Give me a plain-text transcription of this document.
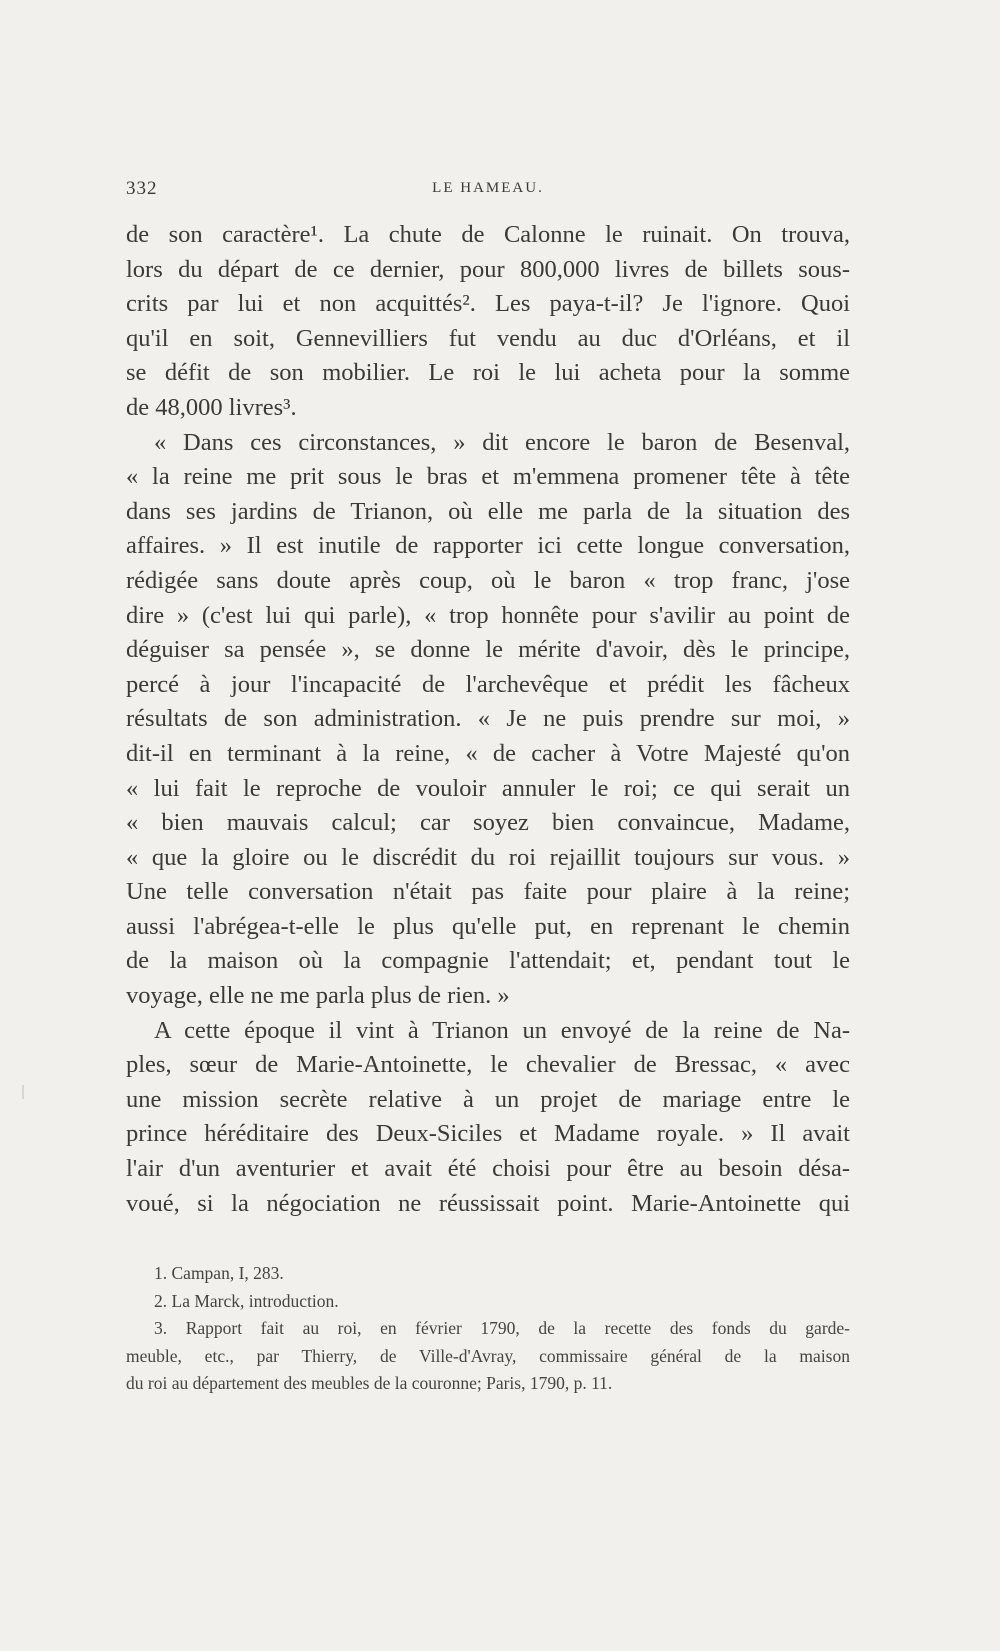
332	LE HAMEAU.
de son caractère¹. La chute de Calonne le ruinait. On trouva,
lors du départ de ce dernier, pour 800,000 livres de billets sous-
crits par lui et non acquittés². Les paya-t-il? Je l'ignore. Quoi
qu'il en soit, Gennevilliers fut vendu au duc d'Orléans, et il
se défit de son mobilier. Le roi le lui acheta pour la somme
de 48,000 livres³.
« Dans ces circonstances, » dit encore le baron de Besenval,
« la reine me prit sous le bras et m'emmena promener tête à tête
dans ses jardins de Trianon, où elle me parla de la situation des
affaires. » Il est inutile de rapporter ici cette longue conversation,
rédigée sans doute après coup, où le baron « trop franc, j'ose
dire » (c'est lui qui parle), « trop honnête pour s'avilir au point de
déguiser sa pensée », se donne le mérite d'avoir, dès le principe,
percé à jour l'incapacité de l'archevêque et prédit les fâcheux
résultats de son administration. « Je ne puis prendre sur moi, »
dit-il en terminant à la reine, « de cacher à Votre Majesté qu'on
« lui fait le reproche de vouloir annuler le roi; ce qui serait un
« bien mauvais calcul; car soyez bien convaincue, Madame,
« que la gloire ou le discrédit du roi rejaillit toujours sur vous. »
Une telle conversation n'était pas faite pour plaire à la reine;
aussi l'abrégea-t-elle le plus qu'elle put, en reprenant le chemin
de la maison où la compagnie l'attendait; et, pendant tout le
voyage, elle ne me parla plus de rien. »
A cette époque il vint à Trianon un envoyé de la reine de Na-
ples, sœur de Marie-Antoinette, le chevalier de Bressac, « avec
une mission secrète relative à un projet de mariage entre le
prince héréditaire des Deux-Siciles et Madame royale. » Il avait
l'air d'un aventurier et avait été choisi pour être au besoin désa-
voué, si la négociation ne réussissait point. Marie-Antoinette qui
1. Campan, I, 283.
2. La Marck, introduction.
3. Rapport fait au roi, en février 1790, de la recette des fonds du garde-
meuble, etc., par Thierry, de Ville-d'Avray, commissaire général de la maison
du roi au département des meubles de la couronne; Paris, 1790, p. 11.
